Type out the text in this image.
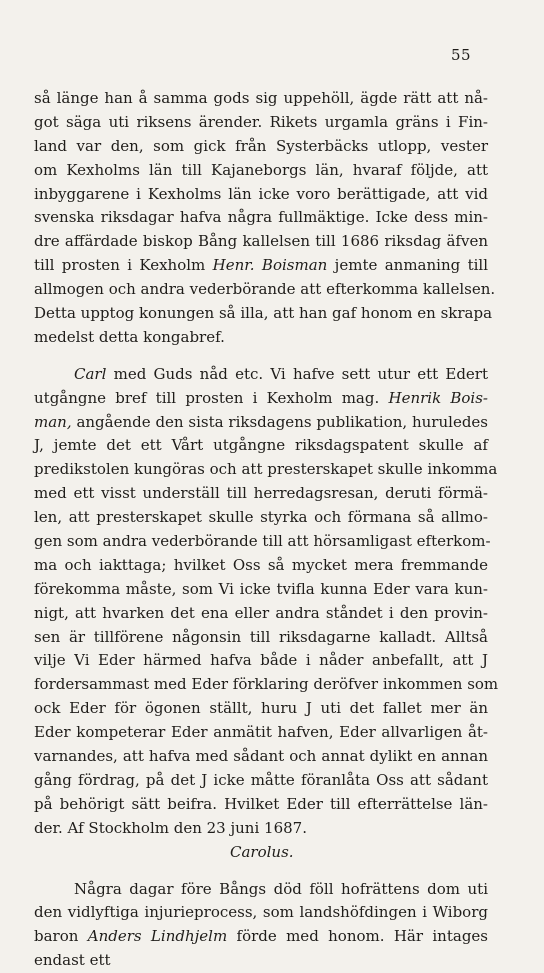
55
så länge han å samma gods sig uppehöll, ägde rätt att nå-
got säga uti riksens ärender. Rikets urgamla gräns i Fin-
land var den, som gick från Systerbäcks utlopp, vester
om Kexholms län till Kajaneborgs län, hvaraf följde, att
inbyggarene i Kexholms län icke voro berättigade, att vid
svenska riksdagar hafva några fullmäktige. Icke dess min-
dre affärdade biskop Bång kallelsen till 1686 riksdag äfven
till prosten i Kexholm Henr. Boisman jemte anmaning till
allmogen och andra vederbörande att efterkomma kallelsen.
Detta upptog konungen så illa, att han gaf honom en skrapa
medelst detta kongabref.
Carl med Guds nåd etc. Vi hafve sett utur ett Edert
utgångne bref till prosten i Kexholm mag. Henrik Bois-
man, angående den sista riksdagens publikation, huruledes
J, jemte det ett Vårt utgångne riksdagspatent skulle af
predikstolen kungöras och att presterskapet skulle inkomma
med ett visst underställ till herredagsresan, deruti förmä-
len, att presterskapet skulle styrka och förmana så allmo-
gen som andra vederbörande till att hörsamligast efterkom-
ma och iakttaga; hvilket Oss så mycket mera fremmande
förekomma måste, som Vi icke tvifla kunna Eder vara kun-
nigt, att hvarken det ena eller andra ståndet i den provin-
sen är tillförene någonsin till riksdagarne kalladt. Alltså
vilje Vi Eder härmed hafva både i nåder anbefallt, att J
fordersammast med Eder förklaring deröfver inkommen som
ock Eder för ögonen ställt, huru J uti det fallet mer än
Eder kompeterar Eder anmätit hafven, Eder allvarligen åt-
varnandes, att hafva med sådant och annat dylikt en annan
gång fördrag, på det J icke måtte föranlåta Oss att sådant
på behörigt sätt beifra. Hvilket Eder till efterrättelse län-
der. Af Stockholm den 23 juni 1687.
Carolus.
Några dagar före Bångs död föll hofrättens dom uti
den vidlyftiga injurieprocess, som landshöfdingen i Wiborg
baron Anders Lindhjelm förde med honom. Här intages
endast ett
